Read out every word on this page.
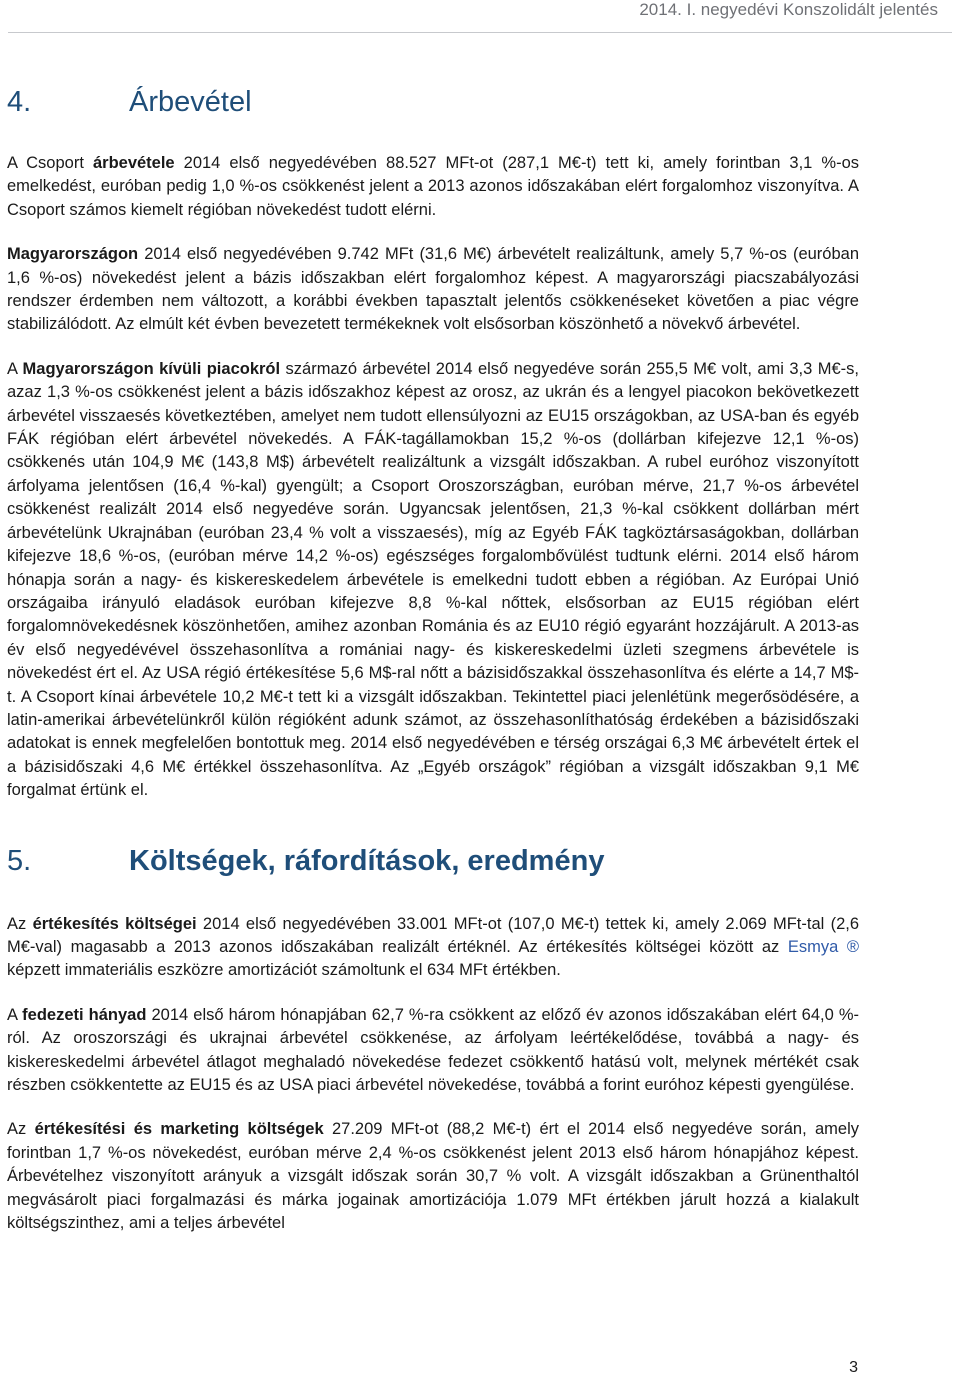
2014. I. negyedévi Konszolidált jelentés
4.	Árbevétel

A Csoport árbevétele 2014 első negyedévében 88.527 MFt-ot (287,1 M€-t) tett ki, amely forintban 3,1 %-os emelkedést, euróban pedig 1,0 %-os csökkenést jelent a 2013 azonos időszakában elért forgalomhoz viszonyítva. A Csoport számos kiemelt régióban növekedést tudott elérni.

Magyarországon 2014 első negyedévében 9.742 MFt (31,6 M€) árbevételt realizáltunk, amely 5,7 %-os (euróban 1,6 %-os) növekedést jelent a bázis időszakban elért forgalomhoz képest. A magyarországi piacszabályozási rendszer érdemben nem változott, a korábbi években tapasztalt jelentős csökkenéseket követően a piac végre stabilizálódott. Az elmúlt két évben bevezetett termékeknek volt elsősorban köszönhető a növekvő árbevétel.

A Magyarországon kívüli piacokról származó árbevétel 2014 első negyedéve során 255,5 M€ volt, ami 3,3 M€-s, azaz 1,3 %-os csökkenést jelent a bázis időszakhoz képest az orosz, az ukrán és a lengyel piacokon bekövetkezett árbevétel visszaesés következtében, amelyet nem tudott ellensúlyozni az EU15 országokban, az USA-ban és egyéb FÁK régióban elért árbevétel növekedés. A FÁK-tagállamokban 15,2 %-os (dollárban kifejezve 12,1 %-os) csökkenés után 104,9 M€ (143,8 M$) árbevételt realizáltunk a vizsgált időszakban. A rubel euróhoz viszonyított árfolyama jelentősen (16,4 %-kal) gyengült; a Csoport Oroszországban, euróban mérve, 21,7 %-os árbevétel csökkenést realizált 2014 első negyedéve során. Ugyancsak jelentősen, 21,3 %-kal csökkent dollárban mért árbevételünk Ukrajnában (euróban 23,4 % volt a visszaesés), míg az Egyéb FÁK tagköztársaságokban, dollárban kifejezve 18,6 %-os, (euróban mérve 14,2 %-os) egészséges forgalombővülést tudtunk elérni. 2014 első három hónapja során a nagy- és kiskereskedelem árbevétele is emelkedni tudott ebben a régióban. Az Európai Unió országaiba irányuló eladások euróban kifejezve 8,8 %-kal nőttek, elsősorban az EU15 régióban elért forgalomnövekedésnek köszönhetően, amihez azonban Románia és az EU10 régió egyaránt hozzájárult. A 2013-as év első negyedévével összehasonlítva a romániai nagy- és kiskereskedelmi üzleti szegmens árbevétele is növekedést ért el. Az USA régió értékesítése 5,6 M$-ral nőtt a bázisidőszakkal összehasonlítva és elérte a 14,7 M$-t. A Csoport kínai árbevétele 10,2 M€-t tett ki a vizsgált időszakban. Tekintettel piaci jelenlétünk megerősödésére, a latin-amerikai árbevételünkről külön régióként adunk számot, az összehasonlíthatóság érdekében a bázisidőszaki adatokat is ennek megfelelően bontottuk meg. 2014 első negyedévében e térség országai 6,3 M€ árbevételt értek el a bázisidőszaki 4,6 M€ értékkel összehasonlítva. Az „Egyéb országok” régióban a vizsgált időszakban 9,1 M€ forgalmat értünk el.

5.	Költségek, ráfordítások, eredmény

Az értékesítés költségei 2014 első negyedévében 33.001 MFt-ot (107,0 M€-t) tettek ki, amely 2.069 MFt-tal (2,6 M€-val) magasabb a 2013 azonos időszakában realizált értéknél. Az értékesítés költségei között az Esmya ® képzett immateriális eszközre amortizációt számoltunk el 634 MFt értékben.

A fedezeti hányad 2014 első három hónapjában 62,7 %-ra csökkent az előző év azonos időszakában elért 64,0 %-ról. Az oroszországi és ukrajnai árbevétel csökkenése, az árfolyam leértékelődése, továbbá a nagy- és kiskereskedelmi árbevétel átlagot meghaladó növekedése fedezet csökkentő hatású volt, melynek mértékét csak részben csökkentette az EU15 és az USA piaci árbevétel növekedése, továbbá a forint euróhoz képesti gyengülése.

Az értékesítési és marketing költségek 27.209 MFt-ot (88,2 M€-t) ért el 2014 első negyedéve során, amely forintban 1,7 %-os növekedést, euróban mérve 2,4 %-os csökkenést jelent 2013 első három hónapjához képest. Árbevételhez viszonyított arányuk a vizsgált időszak során 30,7 % volt. A vizsgált időszakban a Grünenthaltól megvásárolt piaci forgalmazási és márka jogainak amortizációja 1.079 MFt értékben járult hozzá a kialakult költségszinthez, ami a teljes árbevétel

3
